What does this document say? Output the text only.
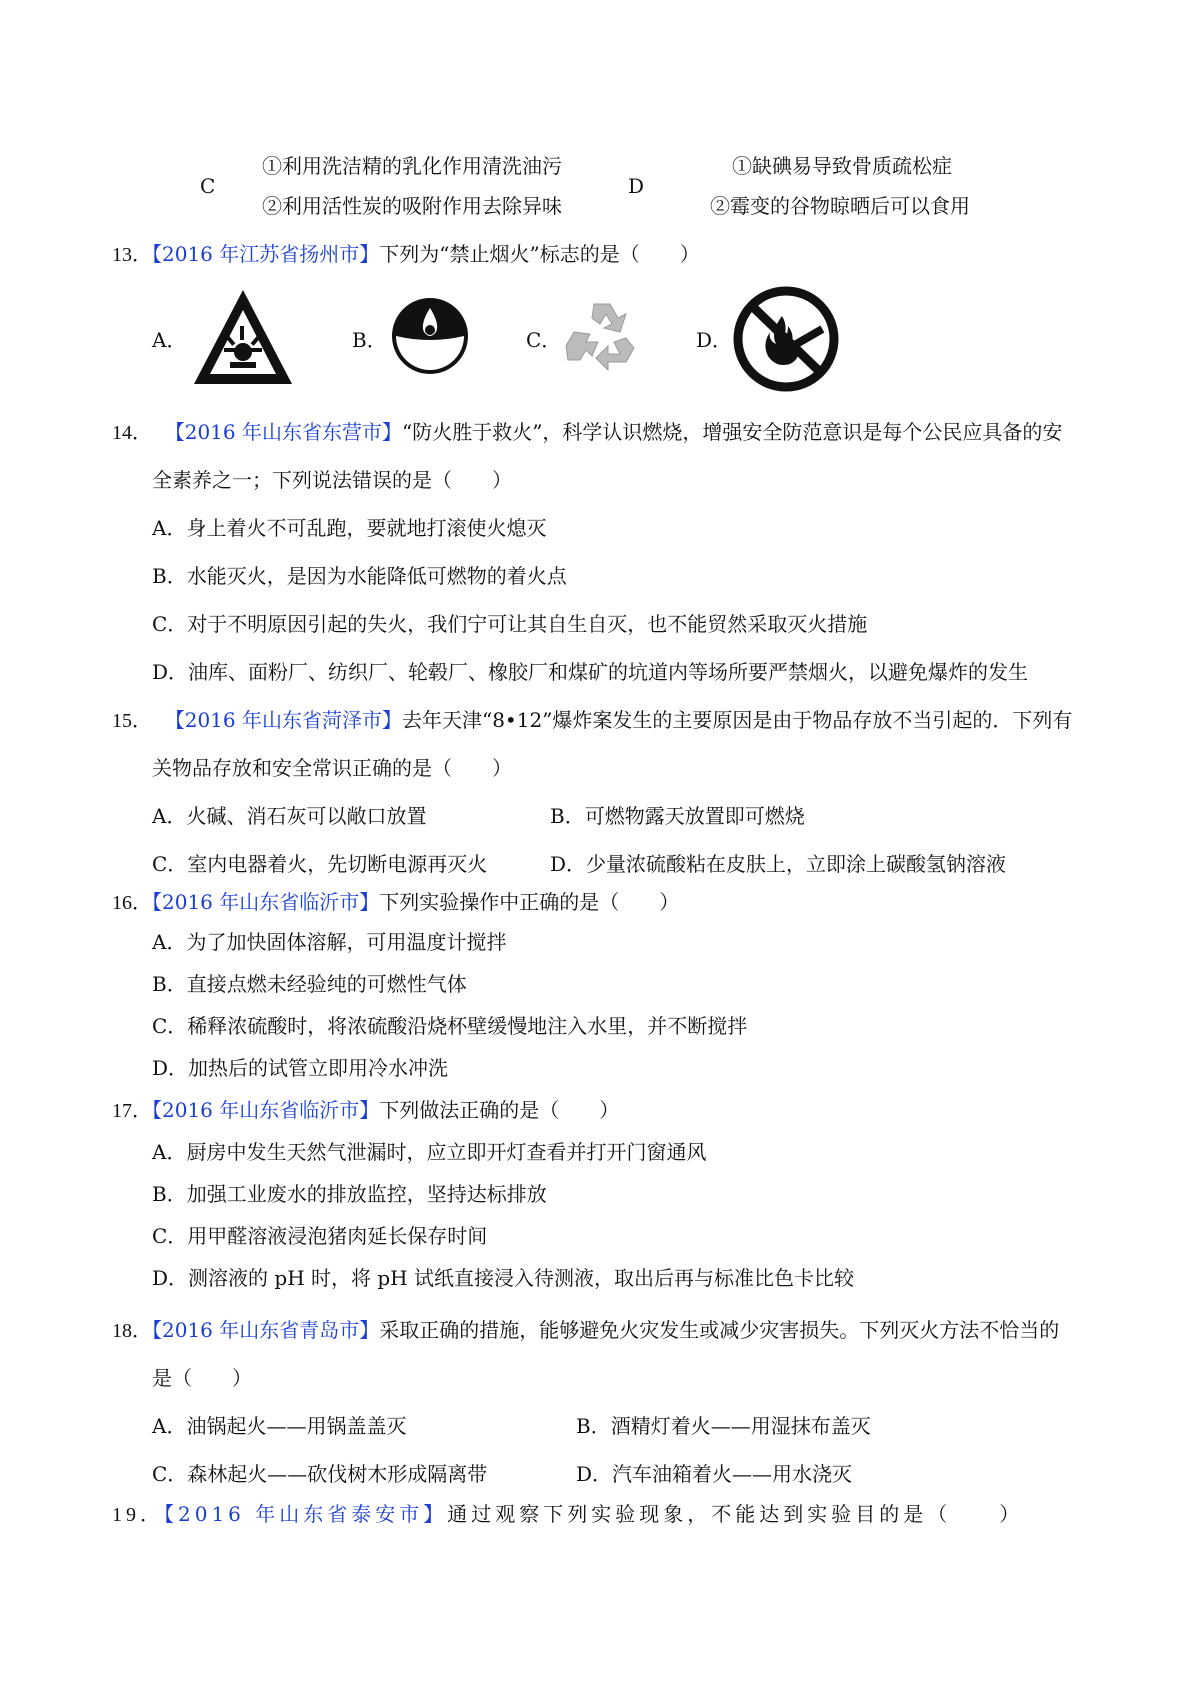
C
①利用洗洁精的乳化作用清洗油污
②利用活性炭的吸附作用去除异味
D
①缺碘易导致骨质疏松症
②霉变的谷物晾晒后可以食用
13．【2016 年江苏省扬州市】下列为“禁止烟火”标志的是（　　）
A．	B．	C．	D．
14． 【2016 年山东省东营市】“防火胜于救火”，科学认识燃烧，增强安全防范意识是每个公民应具备的安
全素养之一；下列说法错误的是（　　）
A．身上着火不可乱跑，要就地打滚使火熄灭
B．水能灭火，是因为水能降低可燃物的着火点
C．对于不明原因引起的失火，我们宁可让其自生自灭，也不能贸然采取灭火措施
D．油库、面粉厂、纺织厂、轮毂厂、橡胶厂和煤矿的坑道内等场所要严禁烟火，以避免爆炸的发生
15． 【2016 年山东省菏泽市】去年天津“8•12”爆炸案发生的主要原因是由于物品存放不当引起的．下列有
关物品存放和安全常识正确的是（　　）
A．火碱、消石灰可以敞口放置	B．可燃物露天放置即可燃烧
C．室内电器着火，先切断电源再灭火	D．少量浓硫酸粘在皮肤上，立即涂上碳酸氢钠溶液
16．【2016 年山东省临沂市】下列实验操作中正确的是（　　）
A．为了加快固体溶解，可用温度计搅拌
B．直接点燃未经验纯的可燃性气体
C．稀释浓硫酸时，将浓硫酸沿烧杯壁缓慢地注入水里，并不断搅拌
D．加热后的试管立即用冷水冲洗
17．【2016 年山东省临沂市】下列做法正确的是（　　）
A．厨房中发生天然气泄漏时，应立即开灯查看并打开门窗通风
B．加强工业废水的排放监控，坚持达标排放
C．用甲醛溶液浸泡猪肉延长保存时间
D．测溶液的 pH 时，将 pH 试纸直接浸入待测液，取出后再与标准比色卡比较
18．【2016 年山东省青岛市】采取正确的措施，能够避免火灾发生或减少灾害损失。下列灭火方法不恰当的
是（　　）
A．油锅起火——用锅盖盖灭	B．酒精灯着火——用湿抹布盖灭
C．森林起火——砍伐树木形成隔离带	D．汽车油箱着火——用水浇灭
19．【2016 年山东省泰安市】通过观察下列实验现象，不能达到实验目的是（　　）
